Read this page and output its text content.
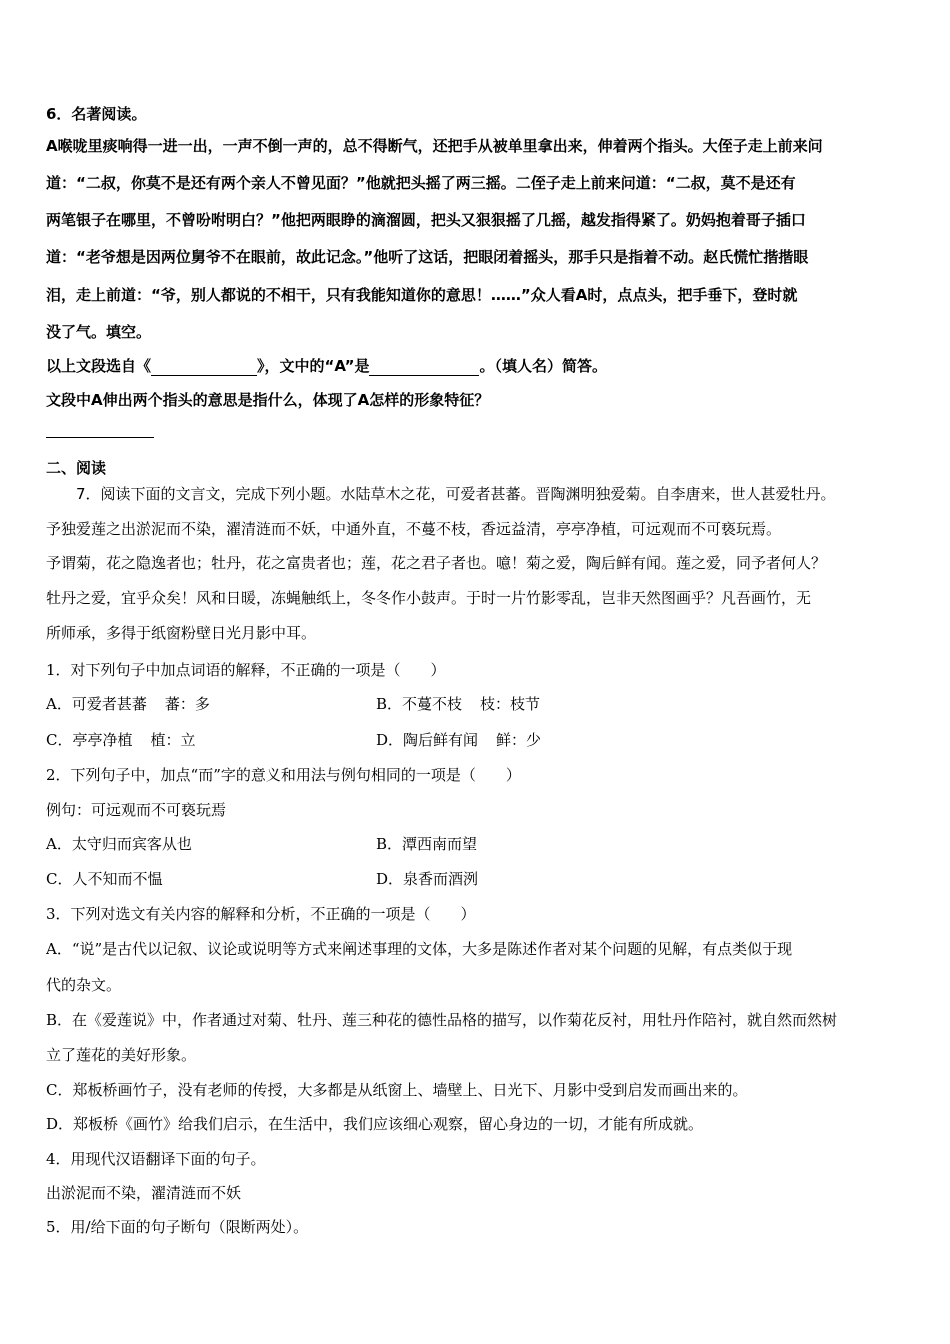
6．名著阅读。
A喉咙里痰响得一进一出，一声不倒一声的，总不得断气，还把手从被单里拿出来，伸着两个指头。大侄子走上前来问
道：“二叔，你莫不是还有两个亲人不曾见面？”他就把头摇了两三摇。二侄子走上前来问道：“二叔，莫不是还有
两笔银子在哪里，不曾吩咐明白？”他把两眼睁的滴溜圆，把头又狠狠摇了几摇，越发指得紧了。奶妈抱着哥子插口
道：“老爷想是因两位舅爷不在眼前，故此记念。”他听了这话，把眼闭着摇头，那手只是指着不动。赵氏慌忙揩揩眼
泪，走上前道：“爷，别人都说的不相干，只有我能知道你的意思！……”众人看A时，点点头，把手垂下，登时就
没了气。填空。
以上文段选自《	》，文中的“A”是	。（填人名）简答。
文段中A伸出两个指头的意思是指什么，体现了A怎样的形象特征？
二、阅读
7．阅读下面的文言文，完成下列小题。水陆草木之花，可爱者甚蕃。晋陶渊明独爱菊。自李唐来，世人甚爱牡丹。
予独爱莲之出淤泥而不染，濯清涟而不妖，中通外直，不蔓不枝，香远益清，亭亭净植，可远观而不可亵玩焉。
予谓菊，花之隐逸者也；牡丹，花之富贵者也；莲，花之君子者也。噫！菊之爱，陶后鲜有闻。莲之爱，同予者何人？
牡丹之爱，宜乎众矣！风和日暖，冻蝇触纸上，冬冬作小鼓声。于时一片竹影零乱，岂非天然图画乎？凡吾画竹，无
所师承，多得于纸窗粉壁日光月影中耳。
1．对下列句子中加点词语的解释，不正确的一项是（　　）
A．可爱者甚蕃 蕃：多	B．不蔓不枝 枝：枝节
C．亭亭净植 植：立	D．陶后鲜有闻 鲜：少
2．下列句子中，加点“而”字的意义和用法与例句相同的一项是（　　）
例句：可远观而不可亵玩焉
A．太守归而宾客从也	B．潭西南而望
C．人不知而不愠	D．泉香而酒洌
3．下列对选文有关内容的解释和分析，不正确的一项是（　　）
A．“说”是古代以记叙、议论或说明等方式来阐述事理的文体，大多是陈述作者对某个问题的见解，有点类似于现
代的杂文。
B．在《爱莲说》中，作者通过对菊、牡丹、莲三种花的德性品格的描写，以作菊花反衬，用牡丹作陪衬，就自然而然树
立了莲花的美好形象。
C．郑板桥画竹子，没有老师的传授，大多都是从纸窗上、墙壁上、日光下、月影中受到启发而画出来的。
D．郑板桥《画竹》给我们启示，在生活中，我们应该细心观察，留心身边的一切，才能有所成就。
4．用现代汉语翻译下面的句子。
出淤泥而不染，濯清涟而不妖
5．用/给下面的句子断句（限断两处）。
